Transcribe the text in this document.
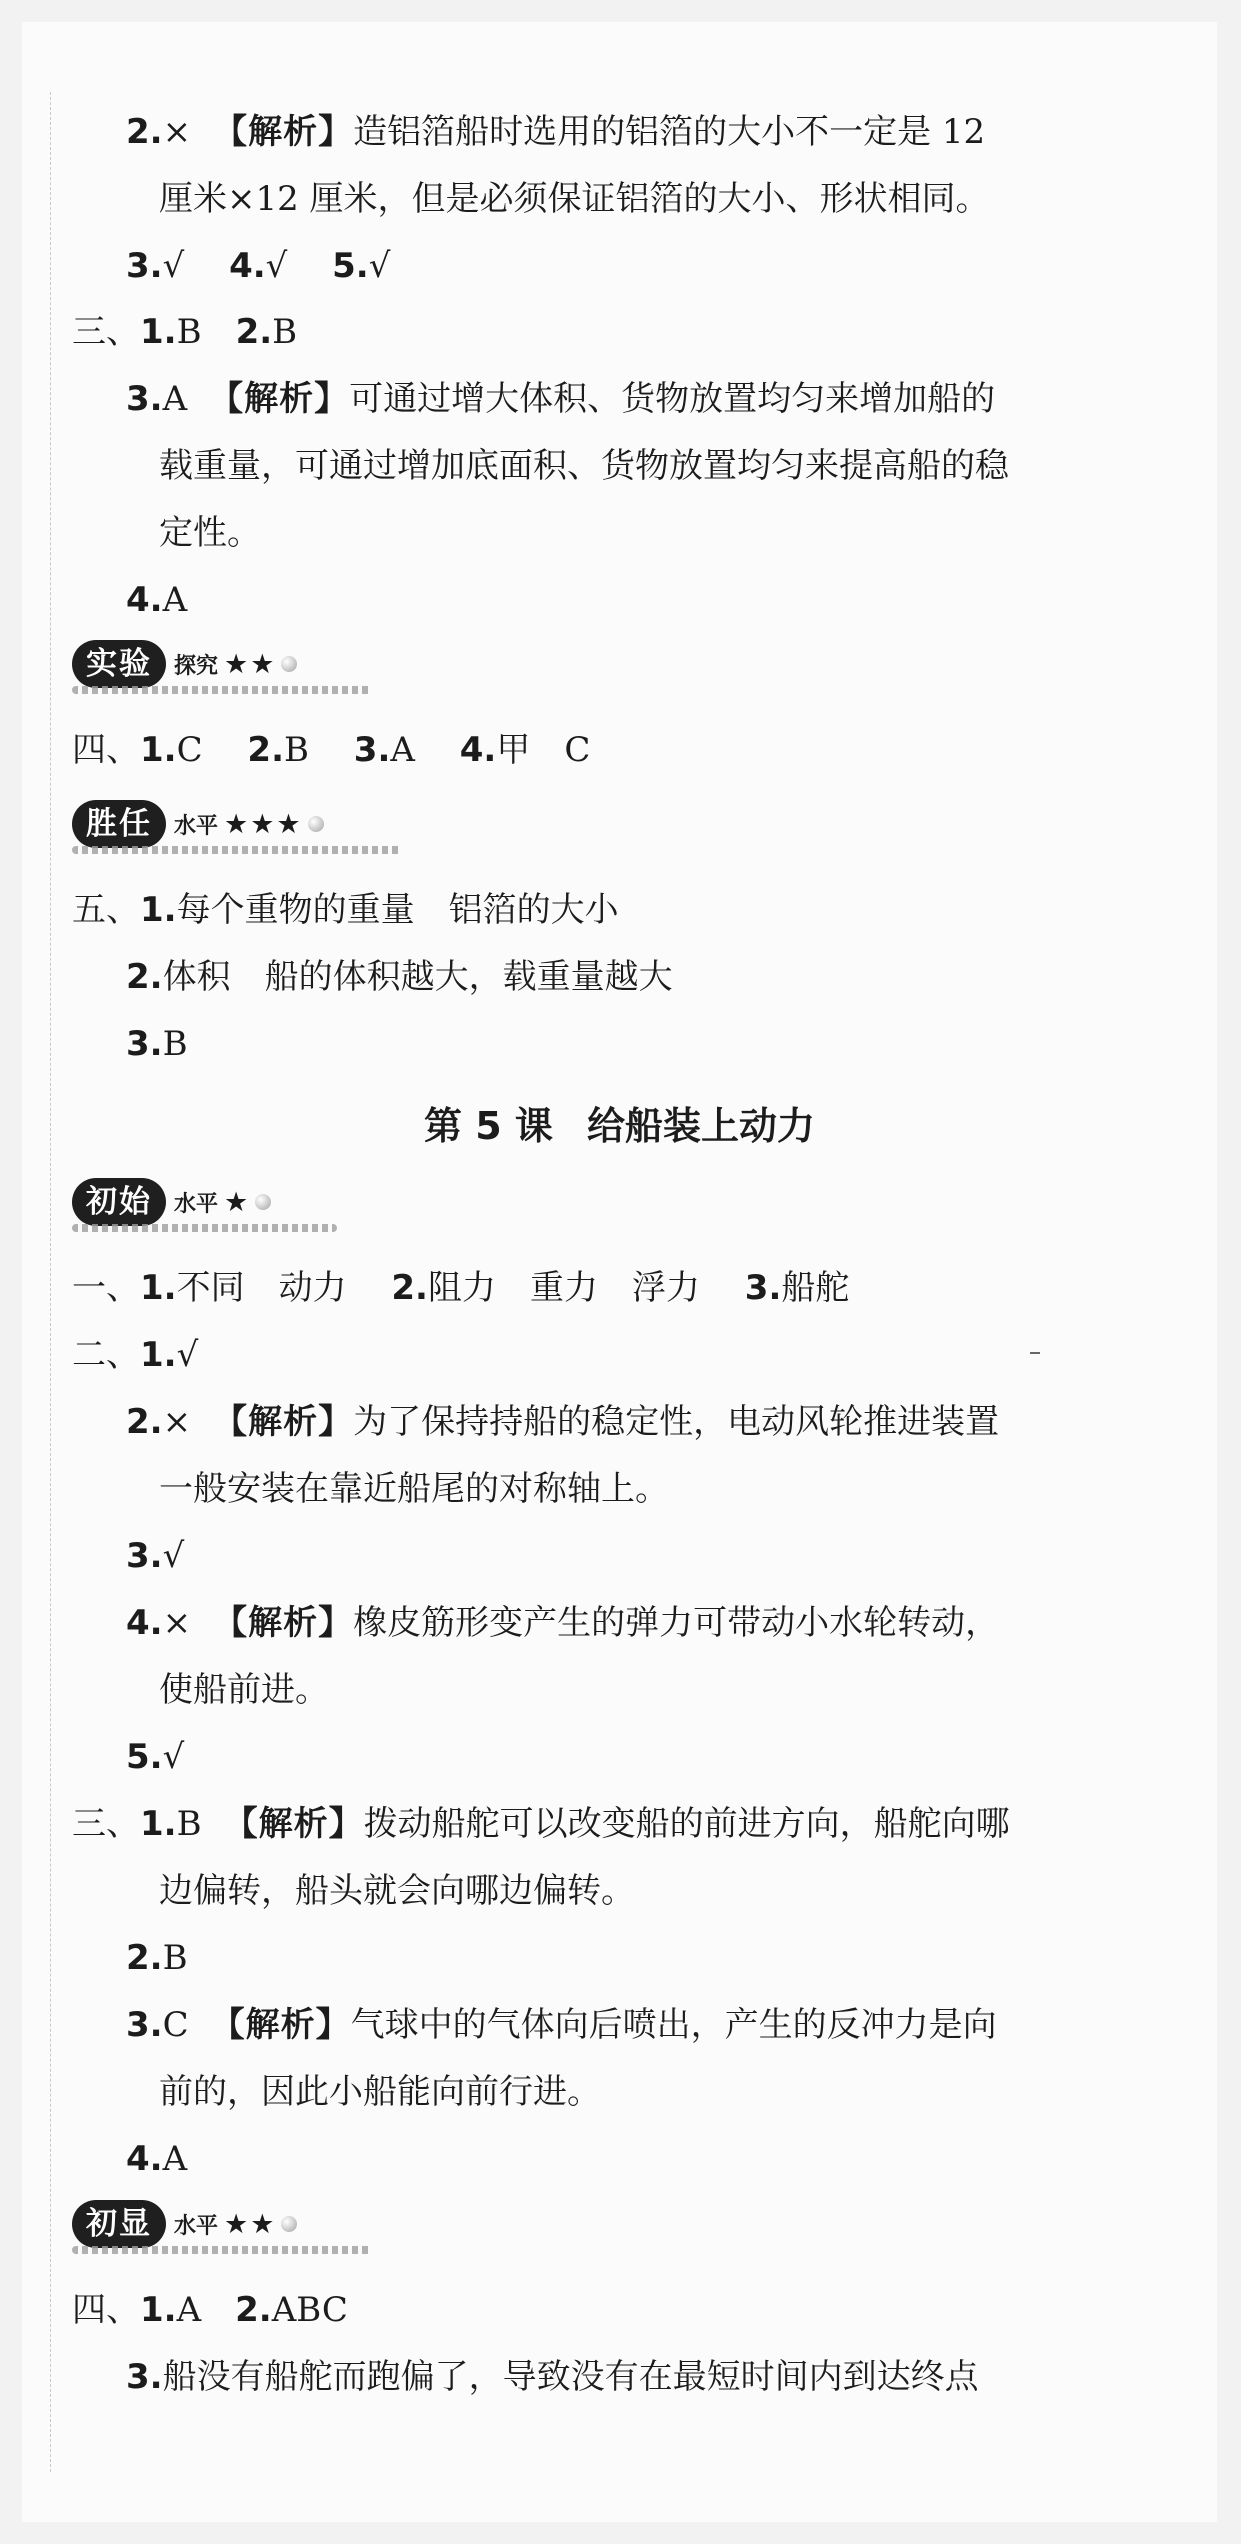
2.× 【解析】造铝箔船时选用的铝箔的大小不一定是 12
厘米×12 厘米，但是必须保证铝箔的大小、形状相同。
3.√ 4.√ 5.√
三、1.B 2.B
3.A 【解析】可通过增大体积、货物放置均匀来增加船的
载重量，可通过增加底面积、货物放置均匀来提高船的稳
定性。
4.A
实验	探究 ★★
四、1.C 2.B 3.A 4.甲 C
胜任	水平 ★★★
五、1.每个重物的重量 铝箔的大小
2.体积 船的体积越大，载重量越大
3.B
第 5 课 给船装上动力
初始	水平 ★
一、1.不同 动力 2.阻力 重力 浮力 3.船舵
二、1.√
2.× 【解析】为了保持持船的稳定性，电动风轮推进装置
一般安装在靠近船尾的对称轴上。
3.√
4.× 【解析】橡皮筋形变产生的弹力可带动小水轮转动，
使船前进。
5.√
三、1.B 【解析】拨动船舵可以改变船的前进方向，船舵向哪
边偏转，船头就会向哪边偏转。
2.B
3.C 【解析】气球中的气体向后喷出，产生的反冲力是向
前的，因此小船能向前行进。
4.A
初显	水平 ★★
四、1.A 2.ABC
3.船没有船舵而跑偏了，导致没有在最短时间内到达终点
